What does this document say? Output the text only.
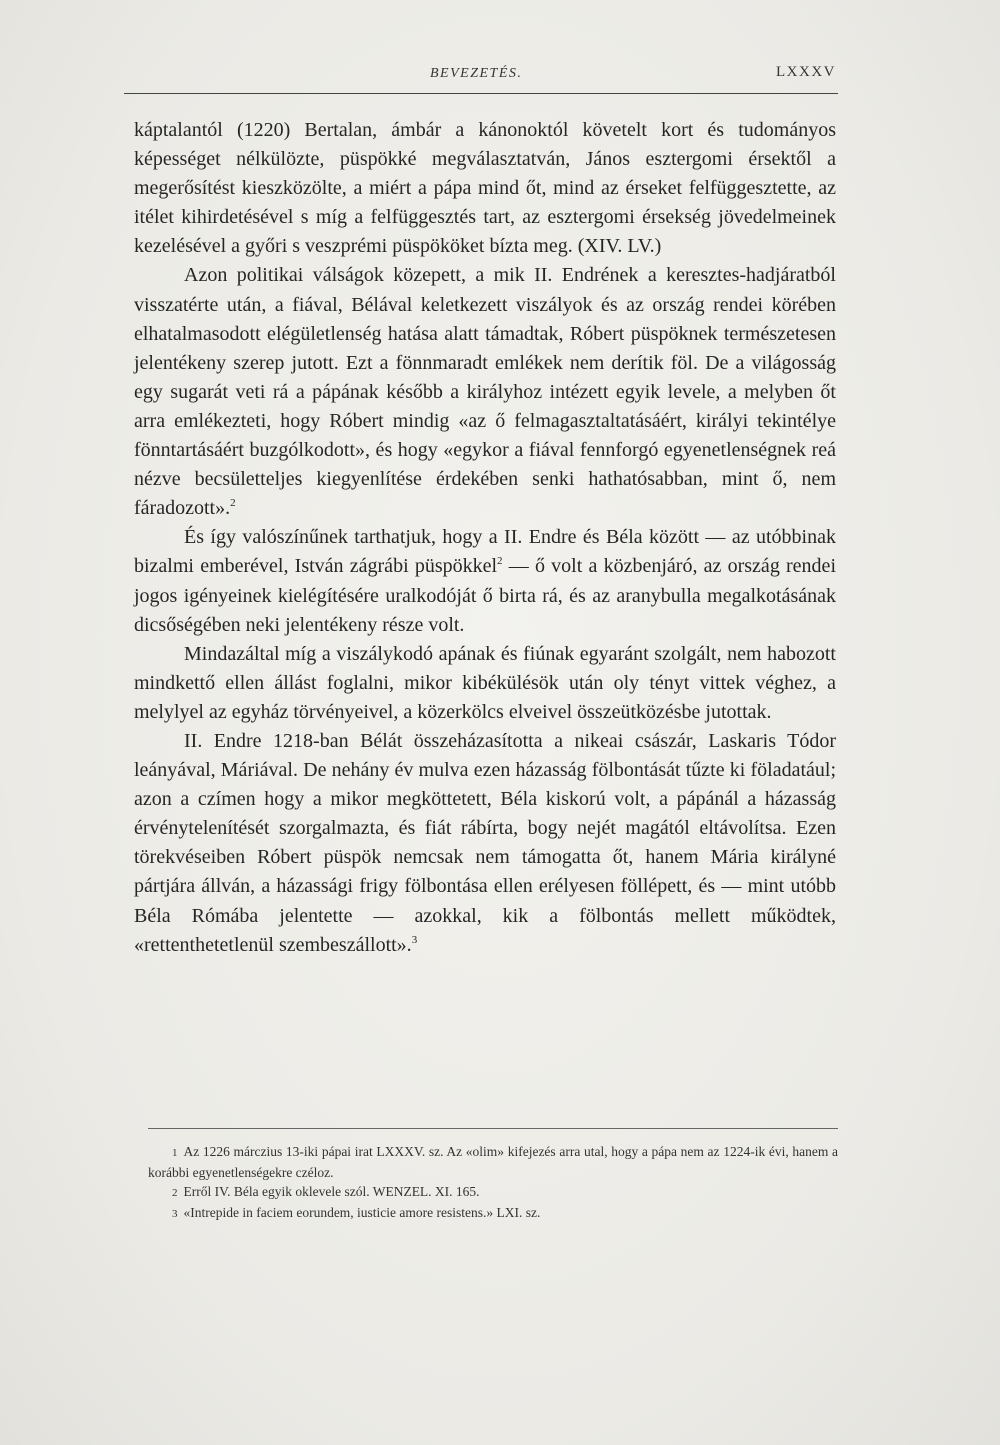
BEVEZETÉS.	LXXXV

káptalantól (1220) Bertalan, ámbár a kánonoktól követelt kort és tudományos képességet nélkülözte, püspökké megválasztatván, János esztergomi érsektől a megerősítést kieszközölte, a miért a pápa mind őt, mind az érseket felfüggesztette, az itélet kihirdetésével s míg a felfüggesztés tart, az esztergomi érsekség jövedelmeinek kezelésével a győri s veszprémi püspököket bízta meg. (XIV. LV.)

Azon politikai válságok közepett, a mik II. Endrének a keresztes-hadjáratból visszatérte után, a fiával, Bélával keletkezett viszályok és az ország rendei körében elhatalmasodott elégületlenség hatása alatt támadtak, Róbert püspöknek természetesen jelentékeny szerep jutott. Ezt a fönnmaradt emlékek nem derítik föl. De a világosság egy sugarát veti rá a pápának később a királyhoz intézett egyik levele, a melyben őt arra emlékezteti, hogy Róbert mindig «az ő felmagasztaltatásáért, királyi tekintélye fönntartásáért buzgólkodott», és hogy «egykor a fiával fennforgó egyenetlenségnek reá nézve becsületteljes kiegyenlítése érdekében senki hathatósabban, mint ő, nem fáradozott».$^2$

És így valószínűnek tarthatjuk, hogy a II. Endre és Béla között — az utóbbinak bizalmi emberével, István zágrábi püspökkel$^2$ — ő volt a közbenjáró, az ország rendei jogos igényeinek kielégítésére uralkodóját ő birta rá, és az aranybulla megalkotásának dicsőségében neki jelentékeny része volt.

Mindazáltal míg a viszálykodó apának és fiúnak egyaránt szolgált, nem habozott mindkettő ellen állást foglalni, mikor kibékülésök után oly tényt vittek véghez, a melylyel az egyház törvényeivel, a közerkölcs elveivel összeütközésbe jutottak.

II. Endre 1218-ban Bélát összeházasította a nikeai császár, Laskaris Tódor leányával, Máriával. De nehány év mulva ezen házasság fölbontását tűzte ki föladatául; azon a czímen hogy a mikor megköttetett, Béla kiskorú volt, a pápánál a házasság érvénytelenítését szorgalmazta, és fiát rábírta, bogy nejét magától eltávolítsa. Ezen törekvéseiben Róbert püspök nemcsak nem támogatta őt, hanem Mária királyné pártjára állván, a házassági frigy fölbontása ellen erélyesen föllépett, és — mint utóbb Béla Rómába jelentette — azokkal, kik a fölbontás mellett működtek, «rettenthetetlenül szembeszállott».$^3$

1 Az 1226 márczius 13-iki pápai irat LXXXV. sz. Az «olim» kifejezés arra utal, hogy a pápa nem az 1224-ik évi, hanem a korábbi egyenetlenségekre czéloz.

2 Erről IV. Béla egyik oklevele szól. WENZEL. XI. 165.

3 «Intrepide in faciem eorundem, iusticie amore resistens.» LXI. sz.
